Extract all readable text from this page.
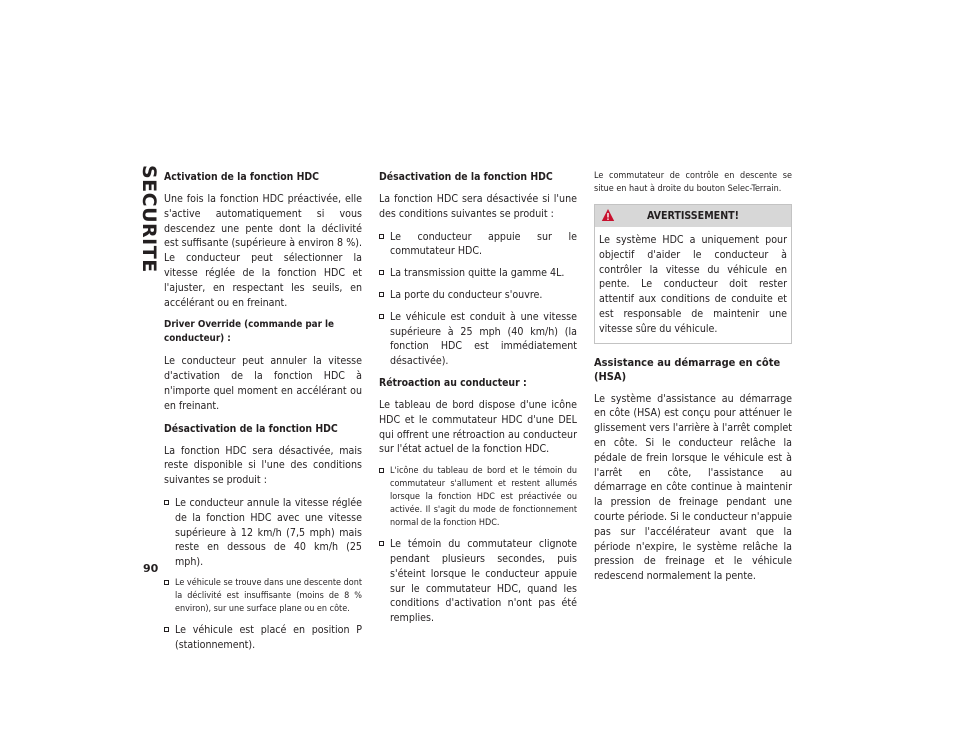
SECURITE
90
Activation de la fonction HDC

Une fois la fonction HDC préactivée, elle s'active automatiquement si vous descendez une pente dont la déclivité est suffisante (supérieure à environ 8 %). Le conducteur peut sélectionner la vitesse réglée de la fonction HDC et l'ajuster, en respectant les seuils, en accélérant ou en freinant.

Driver Override (commande par le conducteur) :

Le conducteur peut annuler la vitesse d'activation de la fonction HDC à n'importe quel moment en accélérant ou en freinant.

Désactivation de la fonction HDC

La fonction HDC sera désactivée, mais reste disponible si l'une des conditions suivantes se produit :

Le conducteur annule la vitesse réglée de la fonction HDC avec une vitesse supérieure à 12 km/h (7,5 mph) mais reste en dessous de 40 km/h (25 mph).
Le véhicule se trouve dans une descente dont la déclivité est insuffisante (moins de 8 % environ), sur une surface plane ou en côte.
Le véhicule est placé en position P (stationnement).
Désactivation de la fonction HDC

La fonction HDC sera désactivée si l'une des conditions suivantes se produit :

Le conducteur appuie sur le commutateur HDC.
La transmission quitte la gamme 4L.
La porte du conducteur s'ouvre.
Le véhicule est conduit à une vitesse supérieure à 25 mph (40 km/h) (la fonction HDC est immédiatement désactivée).
Rétroaction au conducteur :

Le tableau de bord dispose d'une icône HDC et le commutateur HDC d'une DEL qui offrent une rétroaction au conducteur sur l'état actuel de la fonction HDC.

L'icône du tableau de bord et le témoin du commutateur s'allument et restent allumés lorsque la fonction HDC est préactivée ou activée. Il s'agit du mode de fonctionnement normal de la fonction HDC.
Le témoin du commutateur clignote pendant plusieurs secondes, puis s'éteint lorsque le conducteur appuie sur le commutateur HDC, quand les conditions d'activation n'ont pas été remplies.

Le commutateur de contrôle en descente se situe en haut à droite du bouton Selec-Terrain.

AVERTISSEMENT!
Le système HDC a uniquement pour objectif d'aider le conducteur à contrôler la vitesse du véhicule en pente. Le conducteur doit rester attentif aux conditions de conduite et est responsable de maintenir une vitesse sûre du véhicule.
Assistance au démarrage en côte (HSA)

Le système d'assistance au démarrage en côte (HSA) est conçu pour atténuer le glissement vers l'arrière à l'arrêt complet en côte. Si le conducteur relâche la pédale de frein lorsque le véhicule est à l'arrêt en côte, l'assistance au démarrage en côte continue à maintenir la pression de freinage pendant une courte période. Si le conducteur n'appuie pas sur l'accélérateur avant que la période n'expire, le système relâche la pression de freinage et le véhicule redescend normalement la pente.
